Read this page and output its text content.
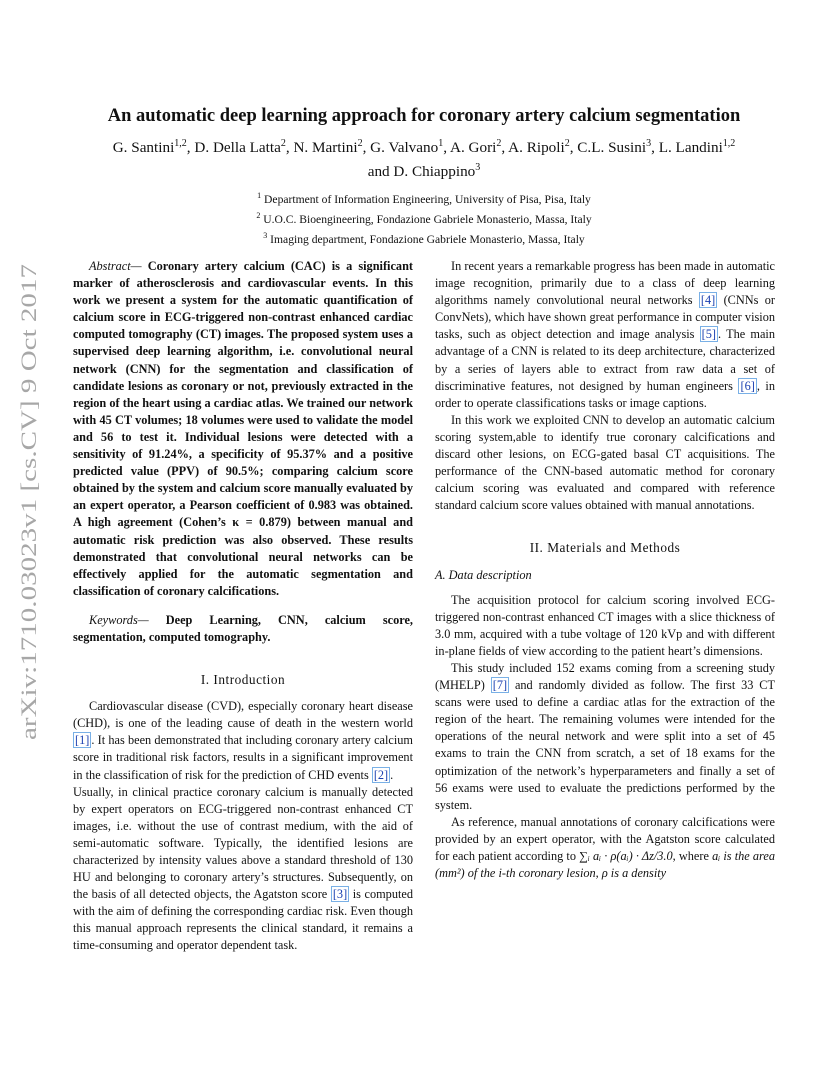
arXiv:1710.03023v1 [cs.CV] 9 Oct 2017
An automatic deep learning approach for coronary artery calcium segmentation
G. Santini$^{1,2}$, D. Della Latta$^2$, N. Martini$^2$, G. Valvano$^1$, A. Gori$^2$, A. Ripoli$^2$, C.L. Susini$^3$, L. Landini$^{1,2}$
and D. Chiappino$^3$
$^1$ Department of Information Engineering, University of Pisa, Pisa, Italy
$^2$ U.O.C. Bioengineering, Fondazione Gabriele Monasterio, Massa, Italy
$^3$ Imaging department, Fondazione Gabriele Monasterio, Massa, Italy

Abstract— Coronary artery calcium (CAC) is a significant marker of atherosclerosis and cardiovascular events. In this work we present a system for the automatic quantification of calcium score in ECG-triggered non-contrast enhanced cardiac computed tomography (CT) images. The proposed system uses a supervised deep learning algorithm, i.e. convolutional neural network (CNN) for the segmentation and classification of candidate lesions as coronary or not, previously extracted in the region of the heart using a cardiac atlas. We trained our network with 45 CT volumes; 18 volumes were used to validate the model and 56 to test it. Individual lesions were detected with a sensitivity of 91.24%, a specificity of 95.37% and a positive predicted value (PPV) of 90.5%; comparing calcium score obtained by the system and calcium score manually evaluated by an expert operator, a Pearson coefficient of 0.983 was obtained. A high agreement (Cohen’s κ = 0.879) between manual and automatic risk prediction was also observed. These results demonstrated that convolutional neural networks can be effectively applied for the automatic segmentation and classification of coronary calcifications.

Keywords— Deep Learning, CNN, calcium score, segmentation, computed tomography.

I. Introduction

Cardiovascular disease (CVD), especially coronary heart disease (CHD), is one of the leading cause of death in the western world [1] . It has been demonstrated that including coronary artery calcium score in traditional risk factors, results in a significant improvement in the classification of risk for the prediction of CHD events [2] .

Usually, in clinical practice coronary calcium is manually detected by expert operators on ECG-triggered non-contrast enhanced CT images, i.e. without the use of contrast medium, with the aid of semi-automatic software. Typically, the identified lesions are characterized by intensity values above a standard threshold of 130 HU and belonging to coronary artery’s structures. Subsequently, on the basis of all detected objects, the Agatston score [3] is computed with the aim of defining the corresponding cardiac risk. Even though this manual approach represents the clinical standard, it remains a time-consuming and operator dependent task.

In recent years a remarkable progress has been made in automatic image recognition, primarily due to a class of deep learning algorithms namely convolutional neural networks [4] (CNNs or ConvNets), which have shown great performance in computer vision tasks, such as object detection and image analysis [5] . The main advantage of a CNN is related to its deep architecture, characterized by a series of layers able to extract from raw data a set of discriminative features, not designed by human engineers [6] , in order to operate classifications tasks or image captions.

In this work we exploited CNN to develop an automatic calcium scoring system,able to identify true coronary calcifications and discard other lesions, on ECG-gated basal CT acquisitions. The performance of the CNN-based automatic method for coronary calcium scoring was evaluated and compared with reference standard calcium score values obtained with manual annotations.

II. Materials and Methods

A. Data description

The acquisition protocol for calcium scoring involved ECG-triggered non-contrast enhanced CT images with a slice thickness of 3.0 mm, acquired with a tube voltage of 120 kVp and with different in-plane fields of view according to the patient heart’s dimensions.

This study included 152 exams coming from a screening study (MHELP) [7] and randomly divided as follow. The first 33 CT scans were used to define a cardiac atlas for the extraction of the region of the heart. The remaining volumes were intended for the operations of the neural network and were split into a set of 45 exams to train the CNN from scratch, a set of 18 exams for the optimization of the network’s hyperparameters and finally a set of 56 exams were used to evaluate the predictions performed by the system.

As reference, manual annotations of coronary calcifications were provided by an expert operator, with the Agatston score calculated for each patient according to ∑ᵢ aᵢ · ρ(aᵢ) · Δz/3.0, where aᵢ is the area (mm²) of the i-th coronary lesion, ρ is a density
